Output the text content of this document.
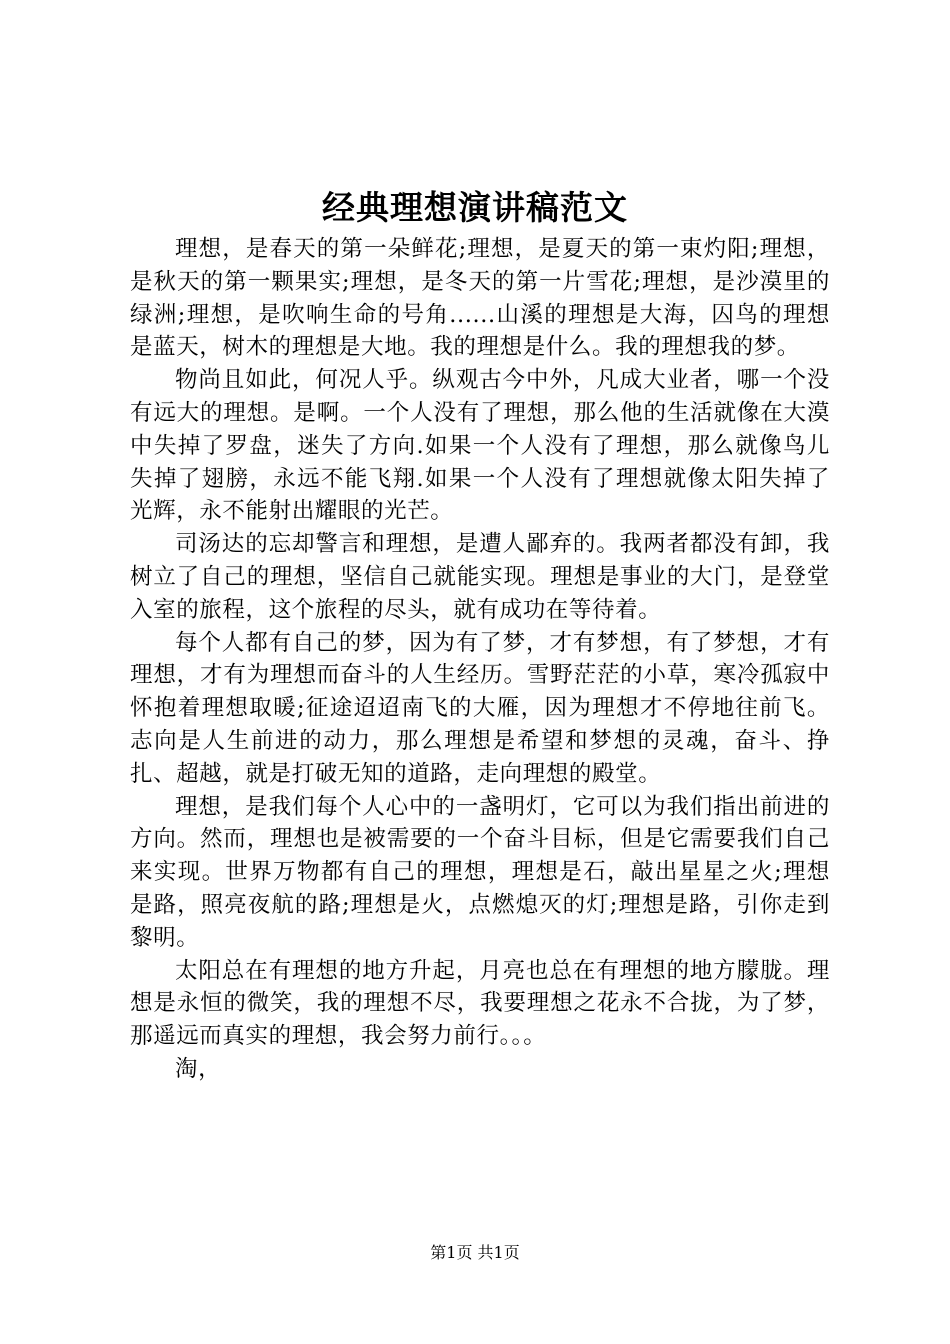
经典理想演讲稿范文

理想，是春天的第一朵鲜花;理想，是夏天的第一束灼阳;理想，是秋天的第一颗果实;理想，是冬天的第一片雪花;理想，是沙漠里的绿洲;理想，是吹响生命的号角......山溪的理想是大海，囚鸟的理想是蓝天，树木的理想是大地。我的理想是什么。我的理想我的梦。

物尚且如此，何况人乎。纵观古今中外，凡成大业者，哪一个没有远大的理想。是啊。一个人没有了理想，那么他的生活就像在大漠中失掉了罗盘，迷失了方向.如果一个人没有了理想，那么就像鸟儿失掉了翅膀，永远不能飞翔.如果一个人没有了理想就像太阳失掉了光辉，永不能射出耀眼的光芒。

司汤达的忘却警言和理想，是遭人鄙弃的。我两者都没有卸，我树立了自己的理想，坚信自己就能实现。理想是事业的大门，是登堂入室的旅程，这个旅程的尽头，就有成功在等待着。

每个人都有自己的梦，因为有了梦，才有梦想，有了梦想，才有理想，才有为理想而奋斗的人生经历。雪野茫茫的小草，寒冷孤寂中怀抱着理想取暖;征途迢迢南飞的大雁，因为理想才不停地往前飞。志向是人生前进的动力，那么理想是希望和梦想的灵魂，奋斗、挣扎、超越，就是打破无知的道路，走向理想的殿堂。

理想，是我们每个人心中的一盏明灯，它可以为我们指出前进的方向。然而，理想也是被需要的一个奋斗目标，但是它需要我们自己来实现。世界万物都有自己的理想，理想是石，敲出星星之火;理想是路，照亮夜航的路;理想是火，点燃熄灭的灯;理想是路，引你走到黎明。

太阳总在有理想的地方升起，月亮也总在有理想的地方朦胧。理想是永恒的微笑，我的理想不尽，我要理想之花永不合拢，为了梦，那遥远而真实的理想，我会努力前行。。。

淘，

第1页 共1页
